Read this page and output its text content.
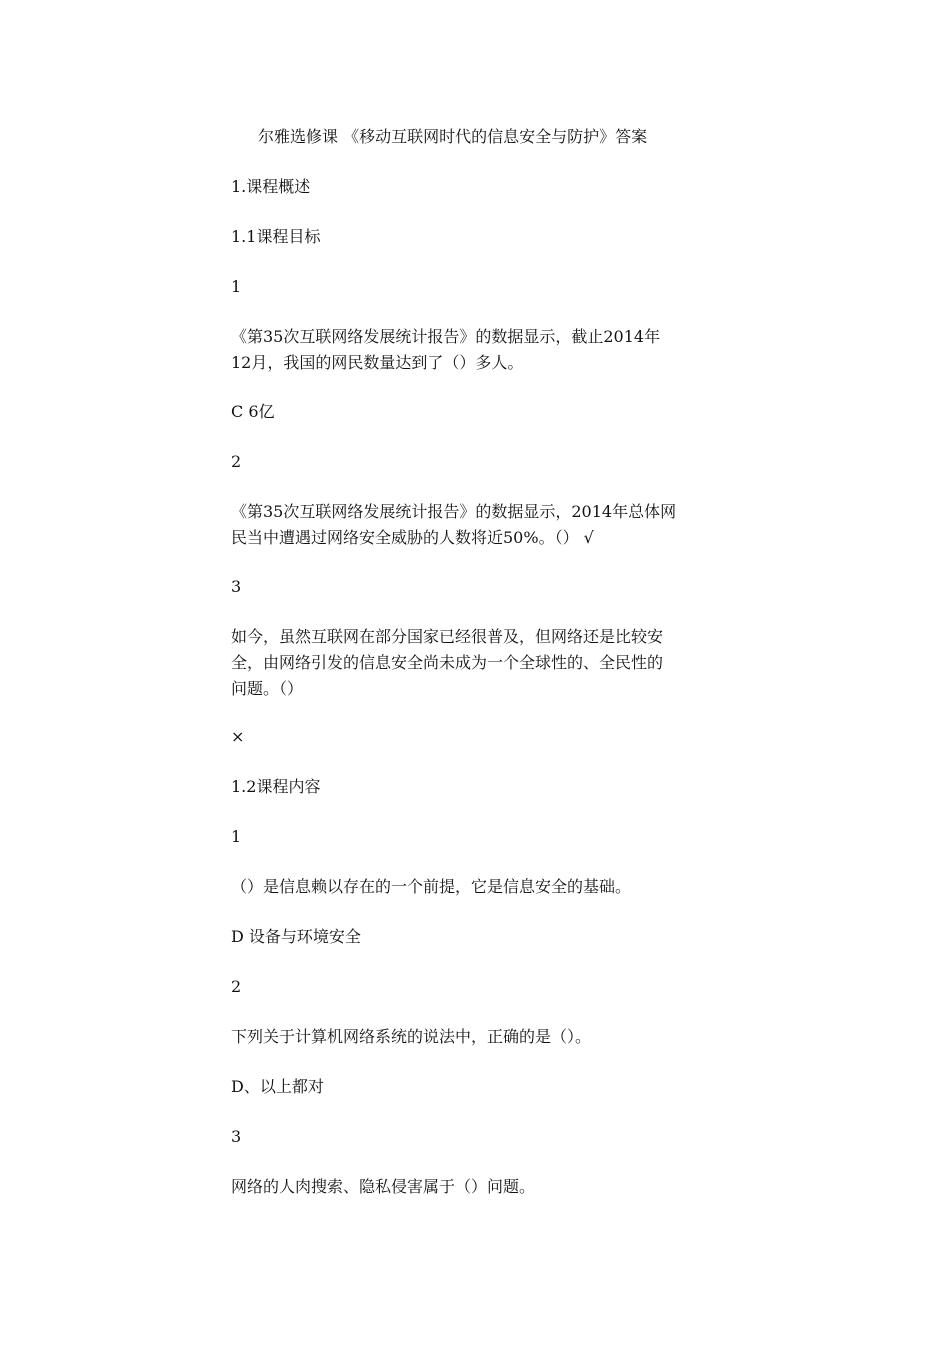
尔雅选修课 《移动互联网时代的信息安全与防护》答案
1.课程概述
1.1课程目标
1
《第35次互联网络发展统计报告》的数据显示，截止2014年
12月，我国的网民数量达到了（）多人。
C 6亿
2
《第35次互联网络发展统计报告》的数据显示，2014年总体网
民当中遭遇过网络安全威胁的人数将近50%。（） √
3
如今，虽然互联网在部分国家已经很普及，但网络还是比较安
全，由网络引发的信息安全尚未成为一个全球性的、全民性的
问题。（）
×
1.2课程内容
1
（）是信息赖以存在的一个前提，它是信息安全的基础。
D 设备与环境安全
2
下列关于计算机网络系统的说法中，正确的是（）。
D、以上都对
3
网络的人肉搜索、隐私侵害属于（）问题。
